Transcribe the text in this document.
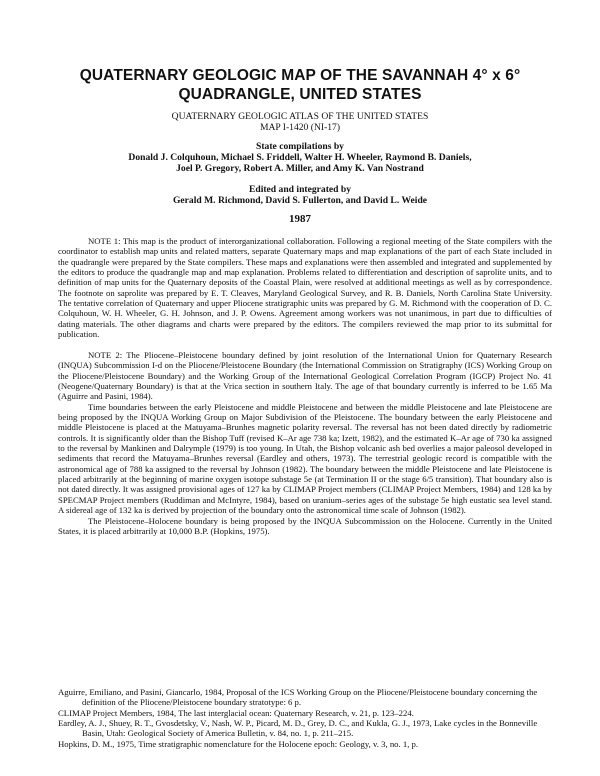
QUATERNARY GEOLOGIC MAP OF THE SAVANNAH 4° x 6°
QUADRANGLE, UNITED STATES
QUATERNARY GEOLOGIC ATLAS OF THE UNITED STATES
MAP I-1420 (NI-17)
State compilations by
Donald J. Colquhoun, Michael S. Friddell, Walter H. Wheeler, Raymond B. Daniels,
Joel P. Gregory, Robert A. Miller, and Amy K. Van Nostrand
Edited and integrated by
Gerald M. Richmond, David S. Fullerton, and David L. Weide
1987

NOTE 1: This map is the product of interorganizational collaboration. Following a regional meeting of the State compilers with the coordinator to establish map units and related matters, separate Quaternary maps and map explanations of the part of each State included in the quadrangle were prepared by the State compilers. These maps and explanations were then assembled and integrated and supplemented by the editors to produce the quadrangle map and map explanation. Problems related to differentiation and description of saprolite units, and to definition of map units for the Quaternary deposits of the Coastal Plain, were resolved at additional meetings as well as by correspondence. The footnote on saprolite was prepared by E. T. Cleaves, Maryland Geological Survey, and R. B. Daniels, North Carolina State University. The tentative correlation of Quaternary and upper Pliocene stratigraphic units was prepared by G. M. Richmond with the cooperation of D. C. Colquhoun, W. H. Wheeler, G. H. Johnson, and J. P. Owens. Agreement among workers was not unanimous, in part due to difficulties of dating materials. The other diagrams and charts were prepared by the editors. The compilers reviewed the map prior to its submittal for publication.

NOTE 2: The Pliocene–Pleistocene boundary defined by joint resolution of the International Union for Quaternary Research (INQUA) Subcommission I-d on the Pliocene/Pleistocene Boundary (the International Commission on Stratigraphy (ICS) Working Group on the Pliocene/Pleistocene Boundary) and the Working Group of the International Geological Correlation Program (IGCP) Project No. 41 (Neogene/Quaternary Boundary) is that at the Vrica section in southern Italy. The age of that boundary currently is inferred to be 1.65 Ma (Aguirre and Pasini, 1984).

Time boundaries between the early Pleistocene and middle Pleistocene and between the middle Pleistocene and late Pleistocene are being proposed by the INQUA Working Group on Major Subdivision of the Pleistocene. The boundary between the early Pleistocene and middle Pleistocene is placed at the Matuyama–Brunhes magnetic polarity reversal. The reversal has not been dated directly by radiometric controls. It is significantly older than the Bishop Tuff (revised K–Ar age 738 ka; Izett, 1982), and the estimated K–Ar age of 730 ka assigned to the reversal by Mankinen and Dalrymple (1979) is too young. In Utah, the Bishop volcanic ash bed overlies a major paleosol developed in sediments that record the Matuyama–Brunhes reversal (Eardley and others, 1973). The terrestrial geologic record is compatible with the astronomical age of 788 ka assigned to the reversal by Johnson (1982). The boundary between the middle Pleistocene and late Pleistocene is placed arbitrarily at the beginning of marine oxygen isotope substage 5e (at Termination II or the stage 6/5 transition). That boundary also is not dated directly. It was assigned provisional ages of 127 ka by CLIMAP Project members (CLIMAP Project Members, 1984) and 128 ka by SPECMAP Project members (Ruddiman and McIntyre, 1984), based on uranium–series ages of the substage 5e high eustatic sea level stand. A sidereal age of 132 ka is derived by projection of the boundary onto the astronomical time scale of Johnson (1982).

The Pleistocene–Holocene boundary is being proposed by the INQUA Subcommission on the Holocene. Currently in the United States, it is placed arbitrarily at 10,000 B.P. (Hopkins, 1975).

Aguirre, Emiliano, and Pasini, Giancarlo, 1984, Proposal of the ICS Working Group on the Pliocene/Pleistocene boundary concerning the definition of the Pliocene/Pleistocene boundary stratotype: 6 p.

CLIMAP Project Members, 1984, The last interglacial ocean: Quaternary Research, v. 21, p. 123–224.

Eardley, A. J., Shuey, R. T., Gvosdetsky, V., Nash, W. P., Picard, M. D., Grey, D. C., and Kukla, G. J., 1973, Lake cycles in the Bonneville Basin, Utah: Geological Society of America Bulletin, v. 84, no. 1, p. 211–215.

Hopkins, D. M., 1975, Time stratigraphic nomenclature for the Holocene epoch: Geology, v. 3, no. 1, p.
